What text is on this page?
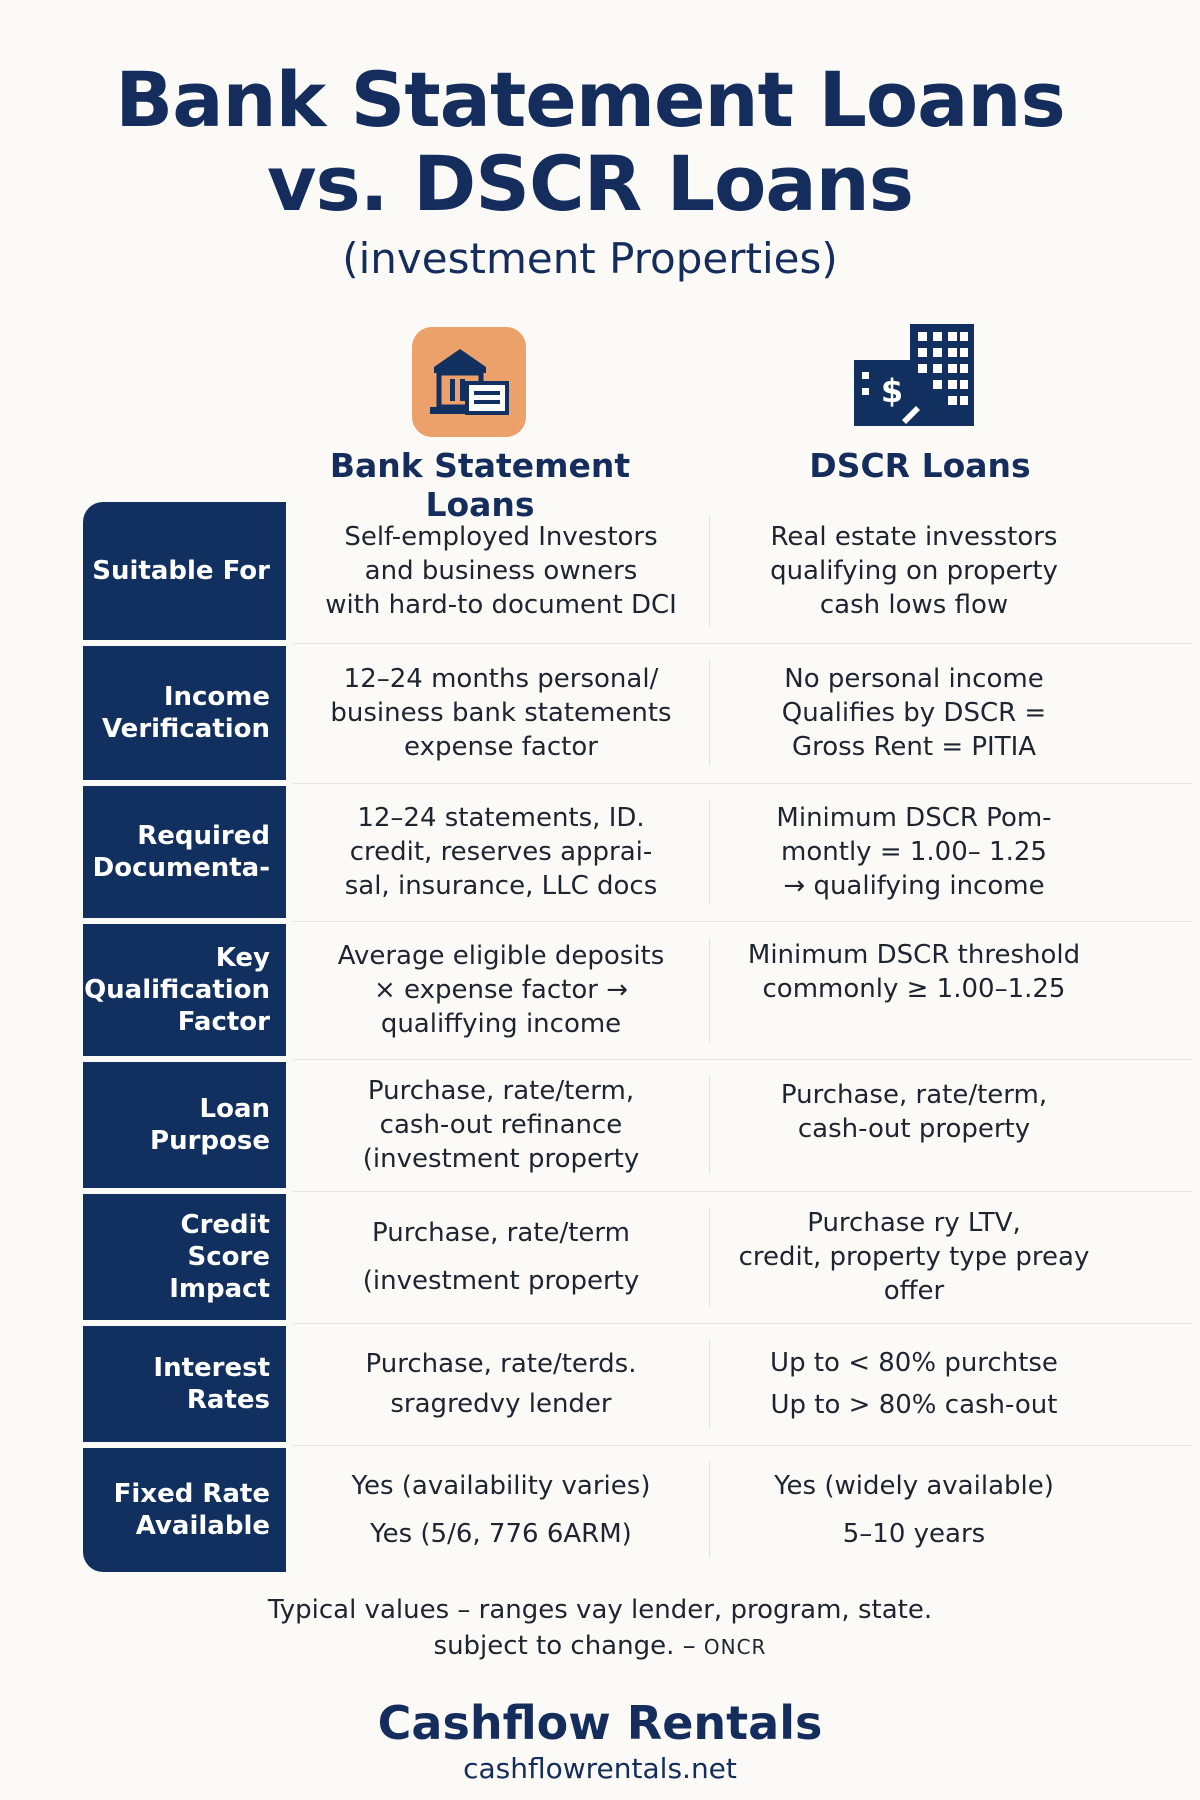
Bank Statement Loans
vs. DSCR Loans
(investment Properties)
$
Bank Statement Loans
DSCR Loans
Suitable For
Self-employed Investors
and business owners
with hard-to document DCI
Real estate invesstors
qualifying on property
cash lows flow
Income
Verification
12–24 months personal/
business bank statements
expense factor
No personal income
Qualifies by DSCR =
Gross Rent = PITIA
Required
Documenta-
12–24 statements, ID.
credit, reserves apprai-
sal, insurance, LLC docs
Minimum DSCR Pom-
montly = 1.00– 1.25
→ qualifying income
Key
Qualification
Factor
Average eligible deposits
× expense factor →
qualiffying income
Minimum DSCR threshold
commonly ≥ 1.00–1.25
Loan
Purpose
Purchase, rate/term,
cash-out refinance
(investment property
Purchase, rate/term,
cash-out property
Credit
Score Impact
Purchase, rate/term

(investment property
Purchase ry LTV,
credit, property type preay
offer
Interest
Rates
Purchase, rate/terds.
sragredvy lender
Up to < 80% purchtse
Up to > 80% cash-out
Fixed Rate
Available
Yes (availability varies)
Yes (5/6, 776 6ARM)
Yes (widely available)
5–10 years
Typical values – ranges vay lender, program, state.
subject to change. – ONCR
Cashflow Rentals
cashflowrentals.net
